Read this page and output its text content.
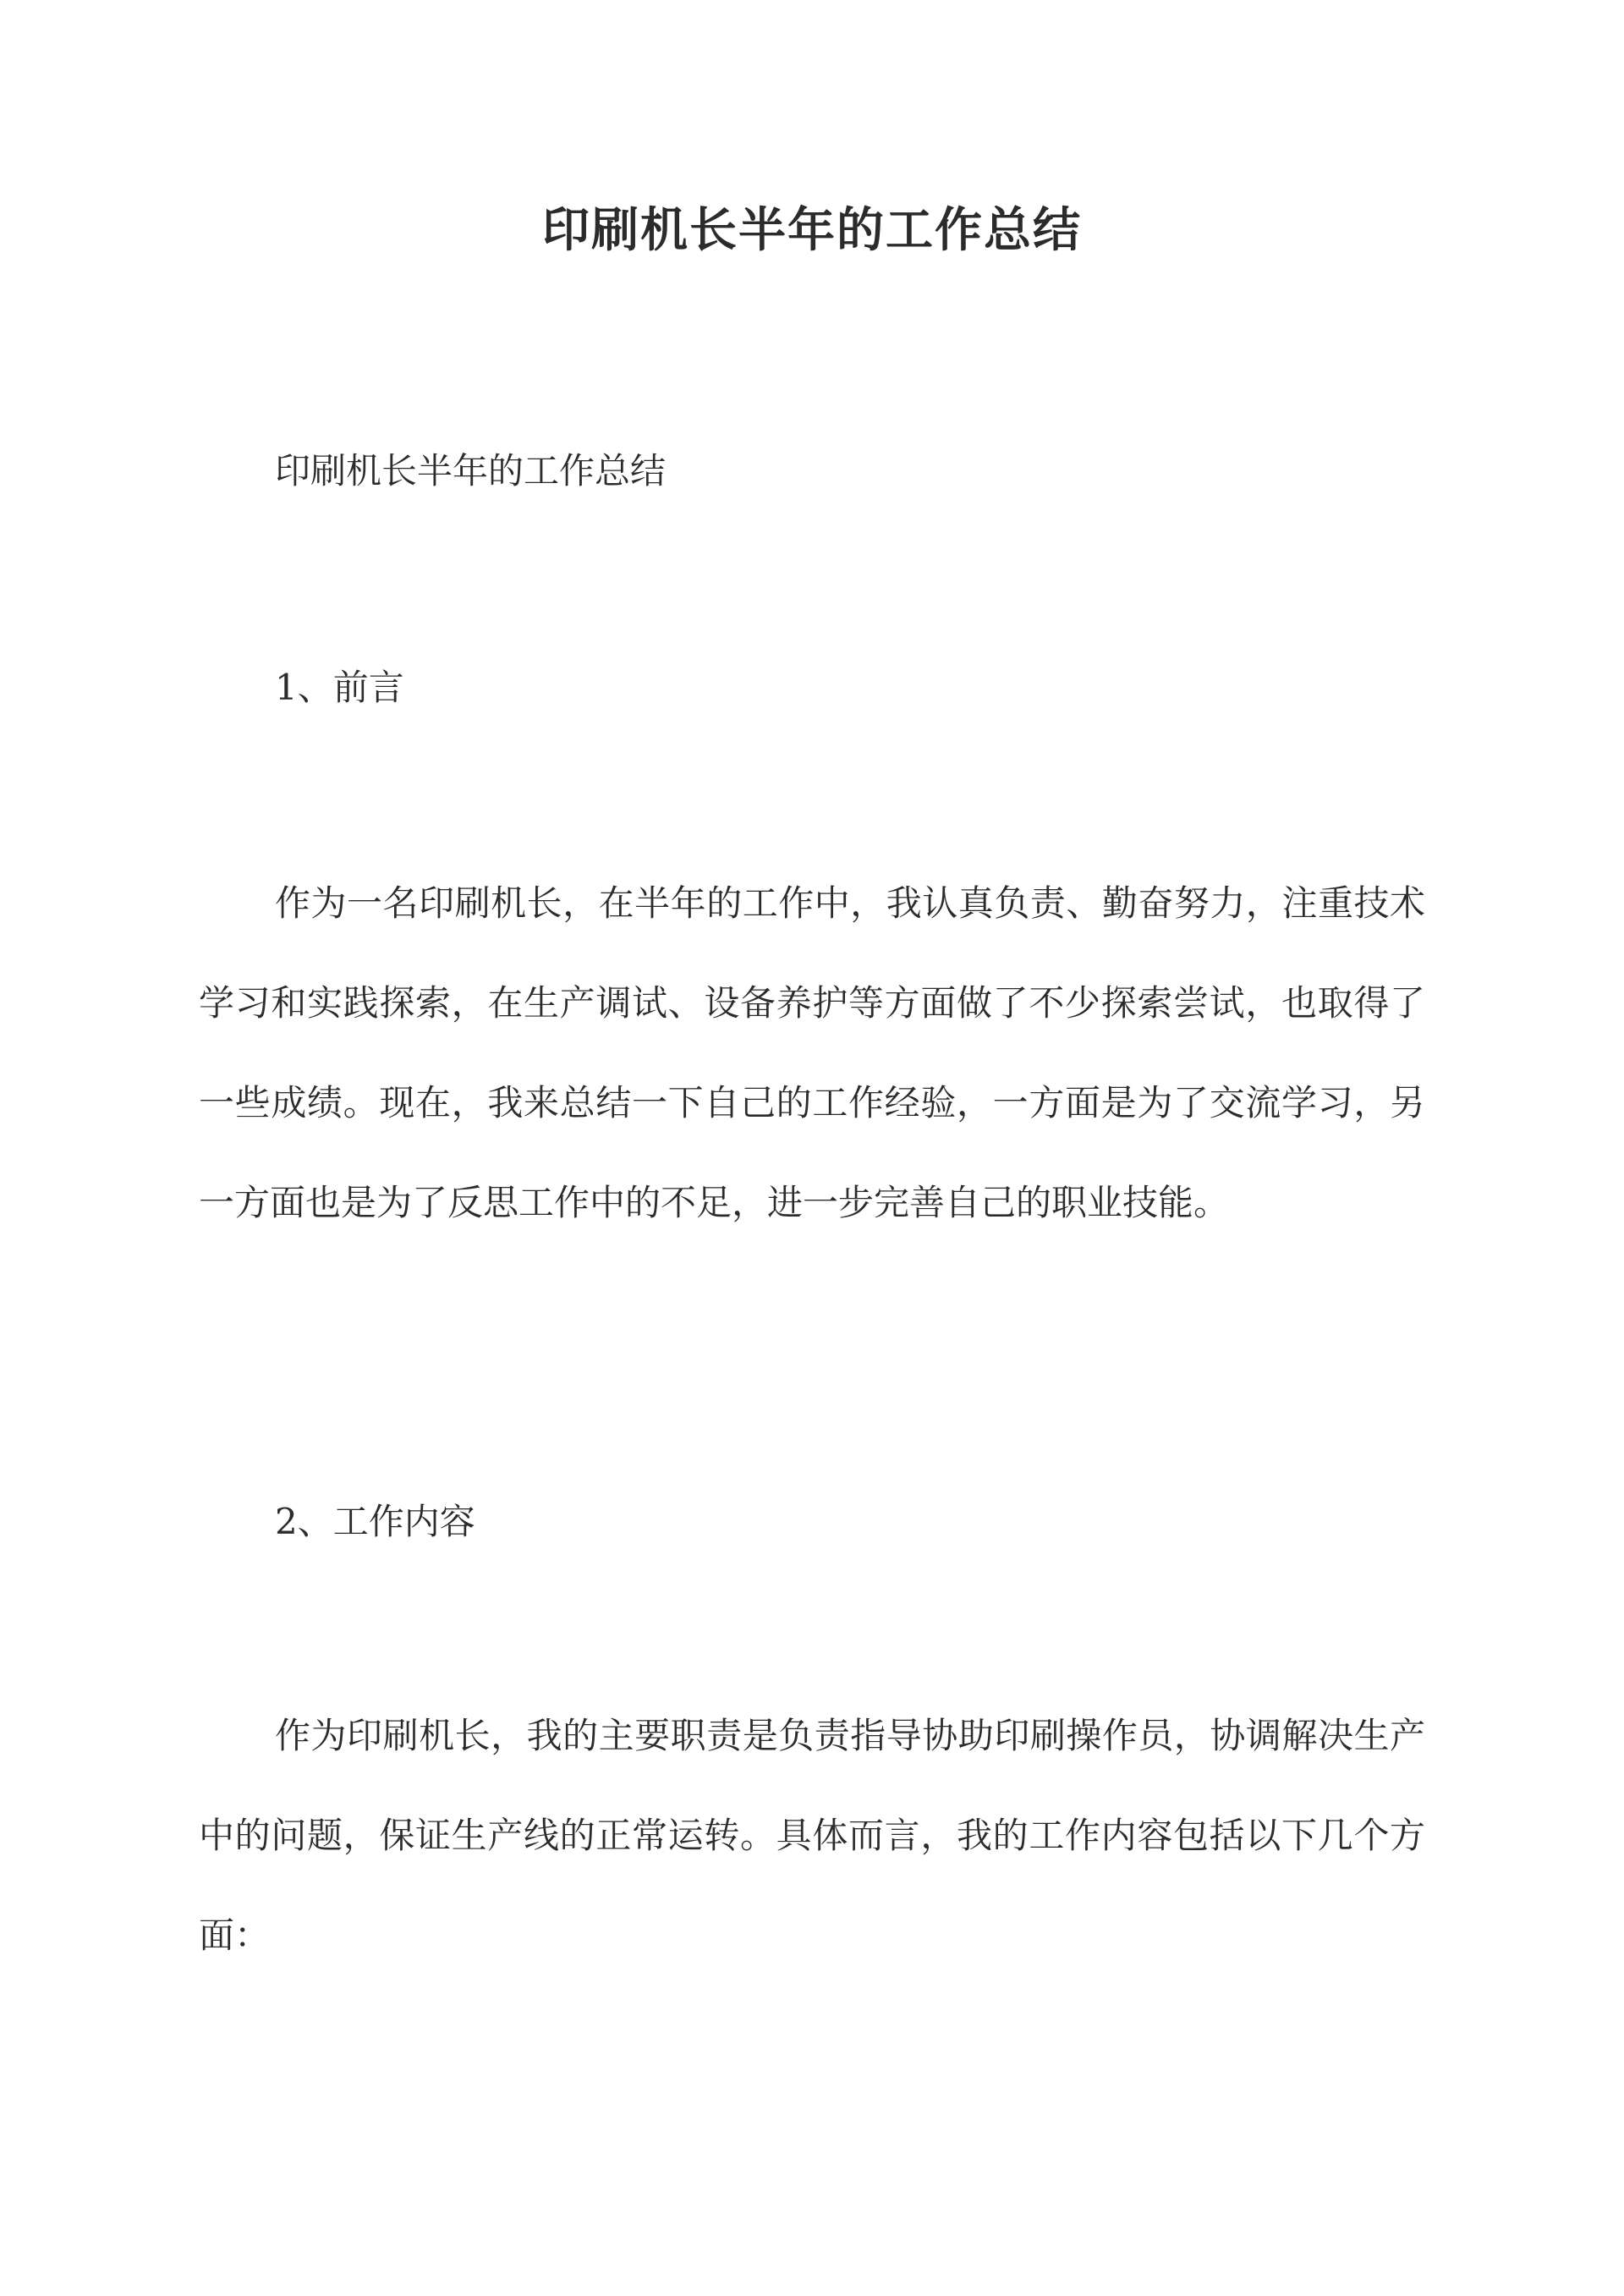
印刷机长半年的工作总结

印刷机长半年的工作总结

1、前言

作为一名印刷机长，在半年的工作中，我认真负责、勤奋努力，注重技术学习和实践探索，在生产调试、设备养护等方面做了不少探索尝试，也取得了一些成绩。现在，我来总结一下自己的工作经验，一方面是为了交流学习，另一方面也是为了反思工作中的不足，进一步完善自己的职业技能。

2、工作内容

作为印刷机长，我的主要职责是负责指导协助印刷操作员，协调解决生产中的问题，保证生产线的正常运转。具体而言，我的工作内容包括以下几个方面：
